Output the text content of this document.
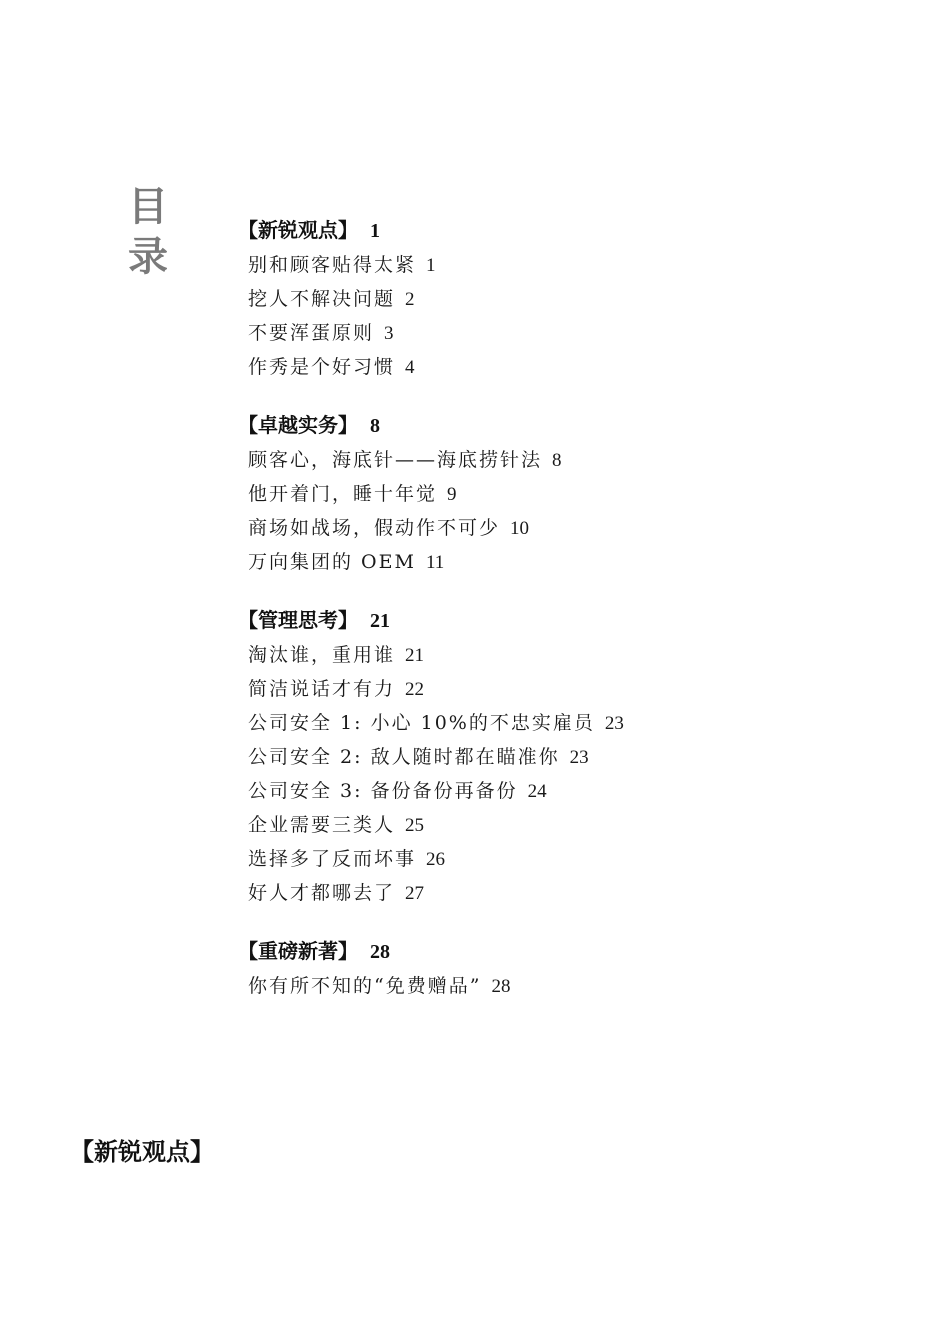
目
录
【新锐观点】 1
别和顾客贴得太紧 1
挖人不解决问题 2
不要浑蛋原则 3
作秀是个好习惯 4
【卓越实务】 8
顾客心，海底针——海底捞针法 8
他开着门，睡十年觉 9
商场如战场，假动作不可少 10
万向集团的 OEM 11
【管理思考】 21
淘汰谁，重用谁 21
简洁说话才有力 22
公司安全 1: 小心 10%的不忠实雇员 23
公司安全 2: 敌人随时都在瞄准你 23
公司安全 3: 备份备份再备份 24
企业需要三类人 25
选择多了反而坏事 26
好人才都哪去了 27
【重磅新著】 28
你有所不知的“免费赠品” 28
【新锐观点】
